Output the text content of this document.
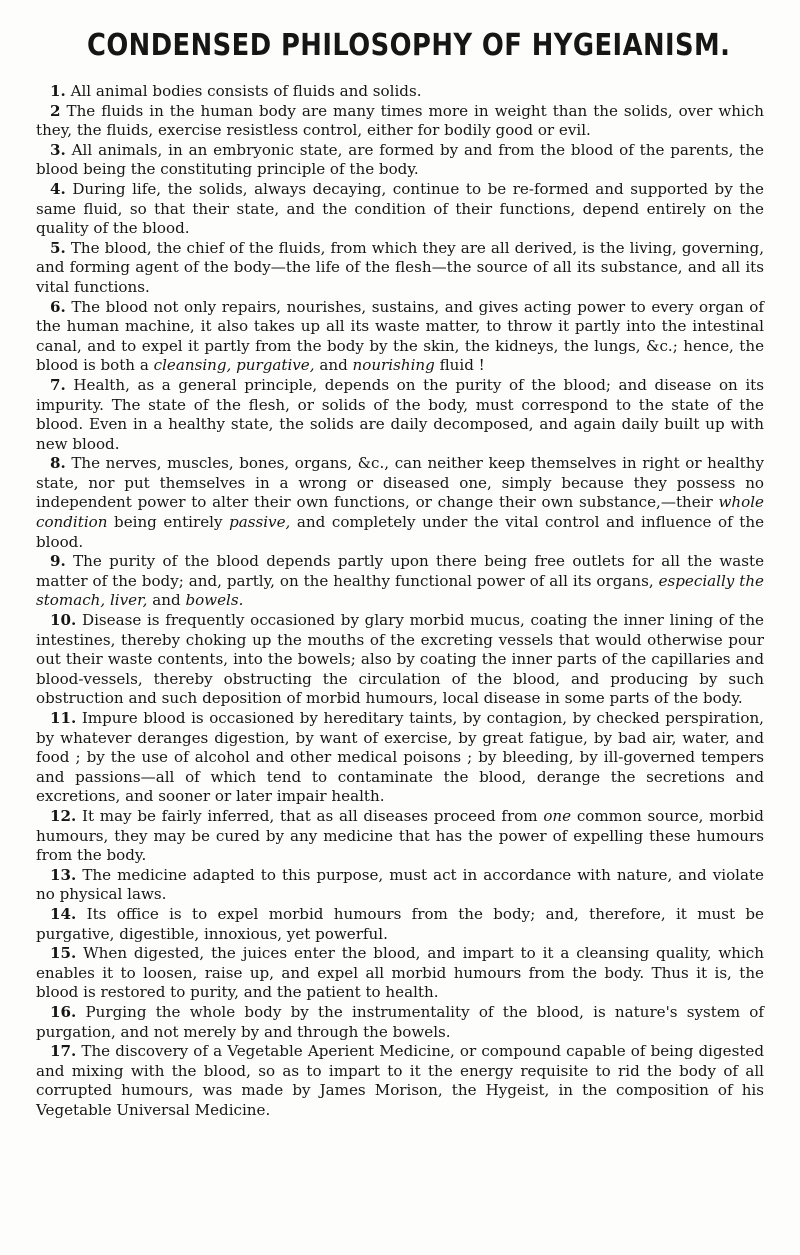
CONDENSED PHILOSOPHY OF HYGEIANISM.

1. All animal bodies consists of fluids and solids.

2 The fluids in the human body are many times more in weight than the solids, over which they, the fluids, exercise resistless control, either for bodily good or evil.

3. All animals, in an embryonic state, are formed by and from the blood of the parents, the blood being the constituting principle of the body.

4. During life, the solids, always decaying, continue to be re-formed and supported by the same fluid, so that their state, and the condition of their functions, depend entirely on the quality of the blood.

5. The blood, the chief of the fluids, from which they are all derived, is the living, governing, and forming agent of the body—the life of the flesh—the source of all its substance, and all its vital functions.

6. The blood not only repairs, nourishes, sustains, and gives acting power to every organ of the human machine, it also takes up all its waste matter, to throw it partly into the intestinal canal, and to expel it partly from the body by the skin, the kidneys, the lungs, &c.; hence, the blood is both a cleansing, purgative, and nourishing fluid !

7. Health, as a general principle, depends on the purity of the blood; and disease on its impurity. The state of the flesh, or solids of the body, must correspond to the state of the blood. Even in a healthy state, the solids are daily decomposed, and again daily built up with new blood.

8. The nerves, muscles, bones, organs, &c., can neither keep themselves in right or healthy state, nor put themselves in a wrong or diseased one, simply because they possess no independent power to alter their own functions, or change their own substance,—their whole condition being entirely passive, and completely under the vital control and influence of the blood.

9. The purity of the blood depends partly upon there being free outlets for all the waste matter of the body; and, partly, on the healthy functional power of all its organs, especially the stomach, liver, and bowels.

10. Disease is frequently occasioned by glary morbid mucus, coating the inner lining of the intestines, thereby choking up the mouths of the excreting vessels that would otherwise pour out their waste contents, into the bowels; also by coating the inner parts of the capillaries and blood-vessels, thereby obstructing the circulation of the blood, and producing by such obstruction and such deposition of morbid humours, local disease in some parts of the body.

11. Impure blood is occasioned by hereditary taints, by contagion, by checked perspiration, by whatever deranges digestion, by want of exercise, by great fatigue, by bad air, water, and food ; by the use of alcohol and other medical poisons ; by bleeding, by ill-governed tempers and passions—all of which tend to contaminate the blood, derange the secretions and excretions, and sooner or later impair health.

12. It may be fairly inferred, that as all diseases proceed from one common source, morbid humours, they may be cured by any medicine that has the power of expelling these humours from the body.

13. The medicine adapted to this purpose, must act in accordance with nature, and violate no physical laws.

14. Its office is to expel morbid humours from the body; and, therefore, it must be purgative, digestible, innoxious, yet powerful.

15. When digested, the juices enter the blood, and impart to it a cleansing quality, which enables it to loosen, raise up, and expel all morbid humours from the body. Thus it is, the blood is restored to purity, and the patient to health.

16. Purging the whole body by the instrumentality of the blood, is nature's system of purgation, and not merely by and through the bowels.

17. The discovery of a Vegetable Aperient Medicine, or compound capable of being digested and mixing with the blood, so as to impart to it the energy requisite to rid the body of all corrupted humours, was made by James Morison, the Hygeist, in the composition of his Vegetable Universal Medicine.
